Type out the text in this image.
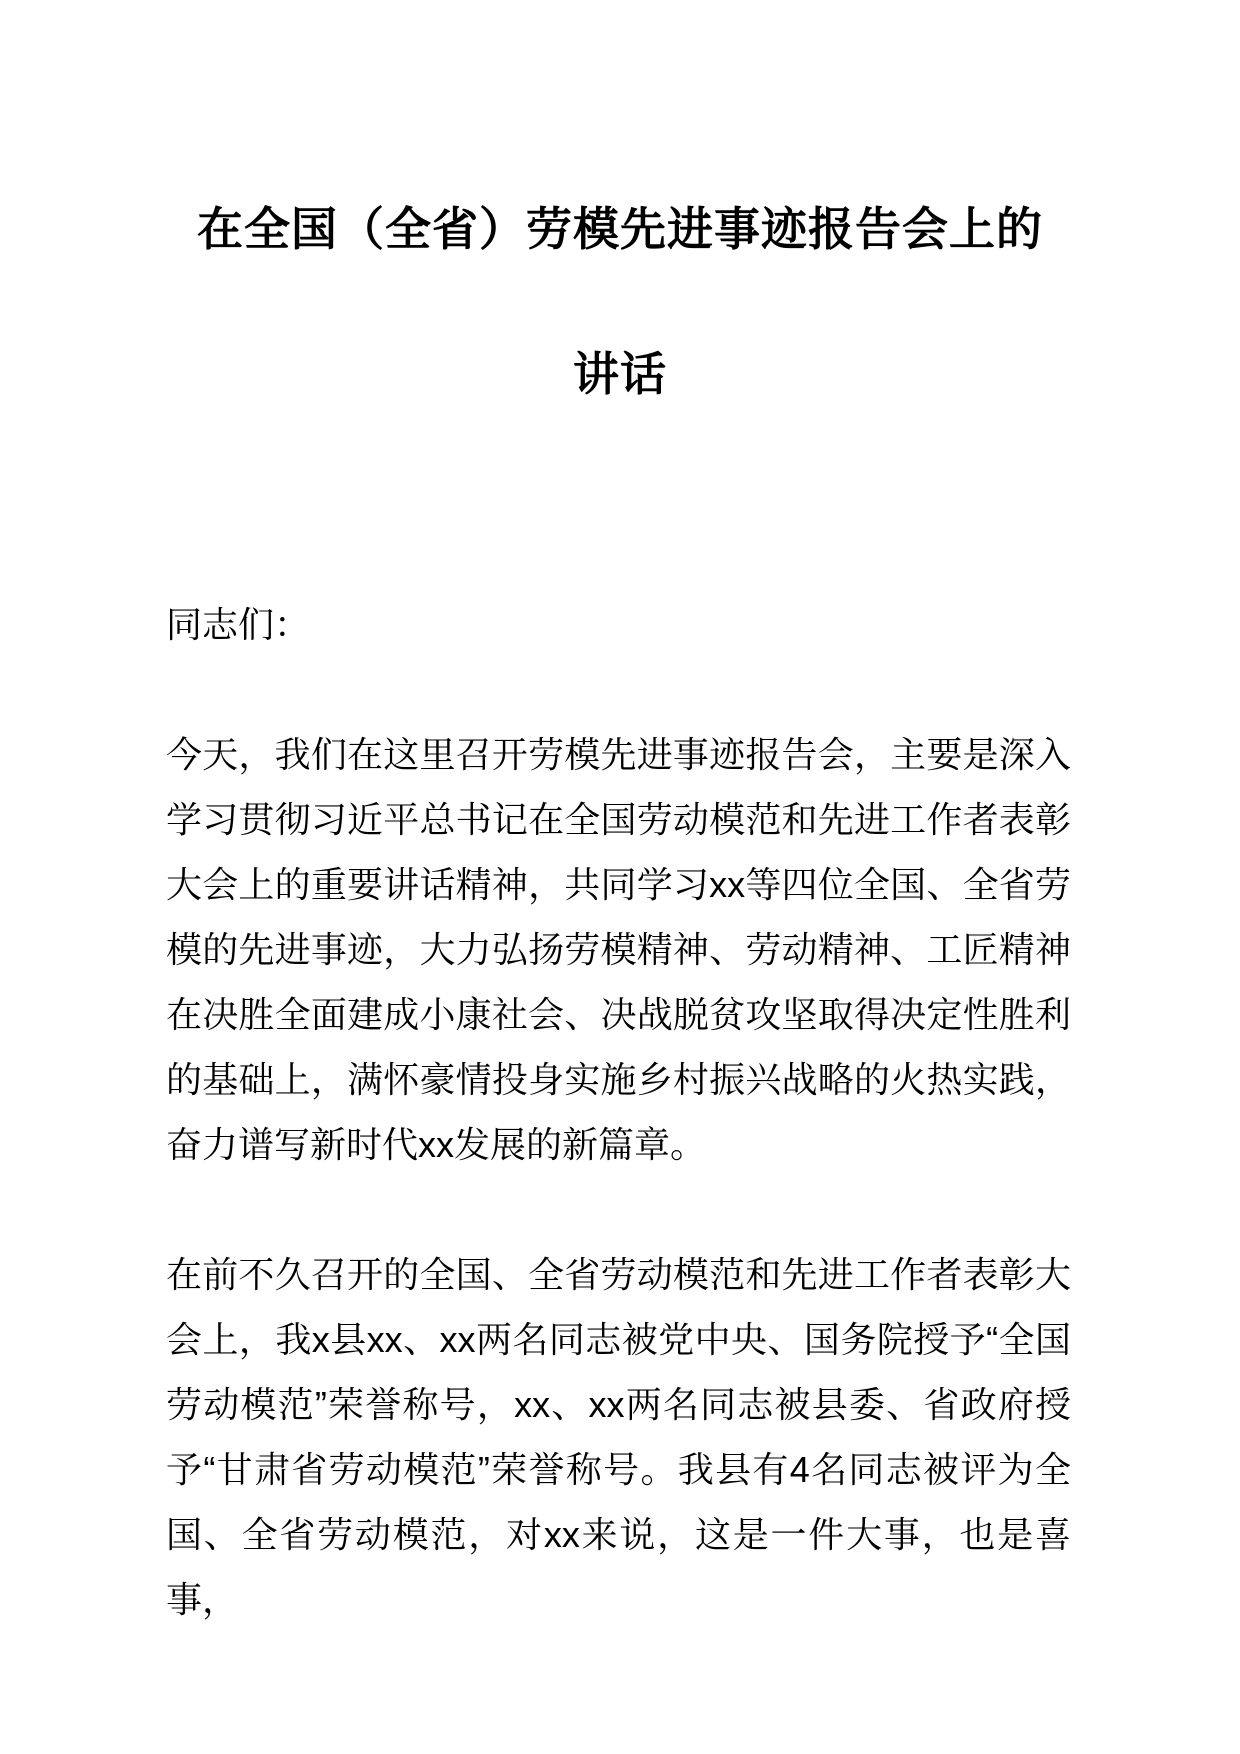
在全国（全省）劳模先进事迹报告会上的
讲话

同志们：

今天，我们在这里召开劳模先进事迹报告会，主要是深入学习贯彻习近平总书记在全国劳动模范和先进工作者表彰大会上的重要讲话精神，共同学习xx等四位全国、全省劳模的先进事迹，大力弘扬劳模精神、劳动精神、工匠精神在决胜全面建成小康社会、决战脱贫攻坚取得决定性胜利的基础上，满怀豪情投身实施乡村振兴战略的火热实践，奋力谱写新时代xx发展的新篇章。

在前不久召开的全国、全省劳动模范和先进工作者表彰大会上，我x县xx、xx两名同志被党中央、国务院授予“全国劳动模范”荣誉称号，xx、xx两名同志被县委、省政府授予“甘肃省劳动模范”荣誉称号。我县有4名同志被评为全国、全省劳动模范，对xx来说，这是一件大事，也是喜事，
